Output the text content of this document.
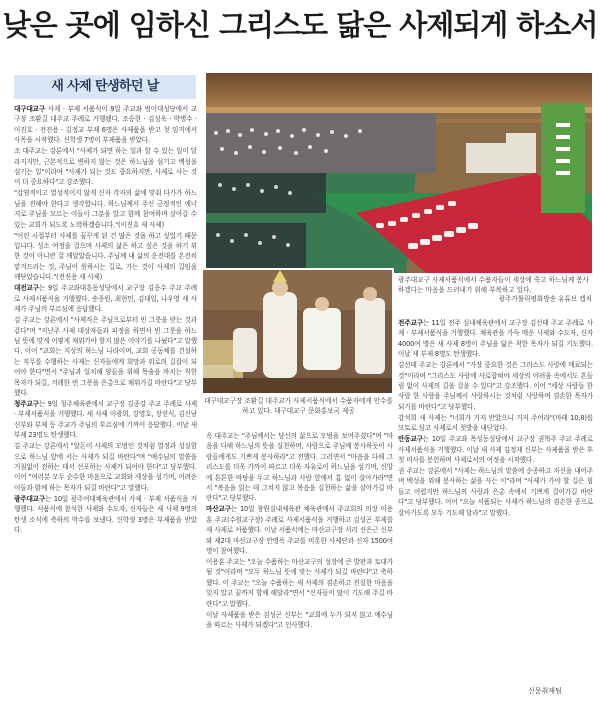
낮은 곳에 임하신 그리스도 닮은 사제되게 하소서
새 사제 탄생하던 날

대구대교구 사제 · 부제 서품식이 9일 주교좌 범어대성당에서 교구장 조환길 대주교 주례로 거행됐다. 조승현 · 김성욱 · 박병수 · 이진호 · 전진용 · 김정교 부제 6명은 사제품을 받고 첫 임지에서 사목을 시작했다. 신학생 7명이 부제품을 받았다.

조 대주교는 강론에서 "사제가 되면 하는 일과 할 수 있는 일이 달라지지만, 근본적으로 변하지 않는 것은 하느님을 섬기고 백성을 섬기는 일"이라며 "사제가 되는 것도 중요하지만, 사제로 사는 것이 더 중요하다"고 강조했다.

"감염적이고 열성적이지 않게 신자 각자의 삶에 맞춰 다가가 하느님을 전해야 한다고 생각합니다. 하느님께서 주신 긍정적인 에너지로 주님을 모르는 이들이 그분을 알고 함께 참여하며 살아갈 수 있는 교회가 되도록 노력하겠습니다."(이진호 새 사제)

"어린 시절부터 사제를 꿈꾸게 된 건 많은 것을 하고 싶었기 때문입니다. 성소 여정을 걸으며 사제의 삶은 하고 싶은 것을 하기 위한 것이 아니란 걸 깨달았습니다. 주님께 내 삶의 운전대를 온전히 맡겨드리는 것, 주님이 원하시는 길로, 가는 것이 사제의 길임을 깨닫았습니다."(전진용 새 사제)

대전교구는 9일 주교좌대흥동성당에서 교구장 김종수 주교 주례로 사제서품식을 거행했다. 송종원, 최현민, 김대일, 나우영 새 사제가 주님의 부르심에 응답했다.

김 주교는 강론에서 "사제직은 주님으로부터 빈 그릇을 받는 것과 같다"며 "지난주 사제 대상자들과 피정을 하면서 빈 그릇을 하느님 뜻에 맞게 어떻게 채워가야 할지 많은 이야기를 나눴다"고 말했다. 이어 "교회는 지상의 하느님 나라이며, 교회 공동체를 건설하는 직무를 수행하는 사제는 신자들에게 희망과 위로의 길잡이 되어야 한다"면서 "주님과 일치해 양들을 위해 목숨을 바치는 착한 목자가 되길, 겨레한 빈 그릇을 은총으로 채워가길 바란다"고 당부했다.

청주교구는 9일 청주체육관에서 교구장 김종강 주교 주례로 사제 · 부제서품식을 거행했다. 새 사제 이광희, 강영호, 장선식, 김신남 신부와 부제 등 주교가 주님의 부르심에 기꺼이 응답했다. 이날 새 부제 23명도 탄생했다.

김 주교는 강론에서 "알돈이 사제의 모범인 것처럼 열정과 성실함으로 하느님 앞에 서는 사제가 되길 바란다"며 "예수님의 말씀을 거침없이 전하는 데서 선포하는 사제가 되어야 한다"고 당부했다. 이어 "여러분 모두 순수한 마음으로 교회와 세상을 섬기며, 어려운 이들과 함께 하는 목자가 되길 바란다"고 말했다.

광주대교구는 10일 광주여대체육관에서 사제 · 부제 서품식을 거행했다. 서품식에 참석한 사제와 수도자, 신자들은 새 사제 9명의 탄생 소식에 축하의 박수를 보냈다. 신학생 3명은 부제품을 받았다.

대구대교구장 조환길 대주교가 사제서품식에서 수품자에게 안수를 하고 있다. 대구대교구 문화홍보국 제공
광주대교구 사제서품식에서 수품자들이 세상에 죽고 하느님께 봉사하겠다는 마음을 드러내기 위해 부복하고 있다.
광주가톨릭평화방송 유튜브 캡처

옥 대주교는 "주님께서는 당신의 삶으로 모범을 보여주셨다"며 "마음을 다해 하느님의 뜻을 실천하며, 사람으로 주님께 봉사하듯이 사람들에게도 기쁘게 봉사하라"고 전했다. 그러면서 "마음을 다해 그리스도를 더욱 가까이 따르고 더욱 자유로이 하느님을 섬기며, 신앙에 튼튼한 바탕을 두고 하느님과 사람 앞에서 흠 없이 살아가라"면서 "복음을 읽는 데 그치지 않고 복음을 실천하는 삶을 살아가길 바란다"고 당부했다.

마산교구는 10일 창원실내체육관 체육관에서 주교회의 의장 이용훈 주교(수원교구장) 주례로 사제서품식을 거행하고 김성곤 부제를 새 사제로 서품했다. 이날 서품식에는 마산교구장 서리 신은근 신부와 제2대 마산교구장 안명옥 주교를 비롯한 사제단과 신자 1500여 명이 참여했다.

이용훈 주교는 "오늘 수품하는 마산교구의 성장에 큰 발판과 토대가 될 것"이라며 "모두 하느님 뜻에 맞는 사제가 되길 바란다"고 축하했다. 이 주교는 "오늘 수품하는 새 사제의 겸손하고 진실한 마음을 잊지 말고 끝까지 함께 해달라"면서 "신자들이 많이 기도해 주길 바란다"고 말했다.

이날 사제품을 받은 김성곤 신부는 "교회에 누가 되지 않고 예수님을 따르는 사제가 되겠다"고 인사했다.

전주교구는 11일 전주 실내체육관에서 교구장 김선태 주교 주례로 사제 · 부제서품식을 거행했다. 체육관을 가득 메운 사제와 수도자, 신자 4000여 명은 새 사제 8명이 주님을 닮은 착한 목자가 되길 기도했다. 이날 새 부제 8명도 탄생했다.

김선태 주교는 강론에서 "가장 중요한 것은 그리스도 사랑에 매료되는 것"이라며 "그리스도 사랑에 사로잡혀야 세상의 어려움 속에서도 흔들림 없이 사제의 길을 걸을 수 있다"고 강조했다. 이어 "세상 사람들 한 사람 한 사람을 주님께서 사랑하시는 것처럼 사랑하며 겸손한 목자가 되기를 바란다"고 당부했다.

강석희 새 사제는 "너희가 거저 받았으니 거저 주어라"(마태 10,8)를 모토로 삼고 사제로서 첫발을 내딛었다.

안동교구는 10일 주교좌 목성동성당에서 교구장 권혁주 주교 주례로 사제서품식을 거행했다. 이날 새 사제 김정재 신부는 사제품을 받은 후 첫 미사를 봉헌하며 사제로서의 여정을 시작했다.

권 주교는 강론에서 "사제는 하느님의 말씀에 순종하고 자신을 내어주며 백성을 위해 봉사하는 삶을 사는 이"라며 "사제가 가야 할 길은 힘들고 어렵지만 하느님의 사랑과 은총 속에서 기쁘게 걸어가길 바란다"고 당부했다. 이어 "오늘 서품되는 사제가 하느님의 겸손한 종으로 살아가도록 모두 기도해 달라"고 말했다.

신문취재팀
